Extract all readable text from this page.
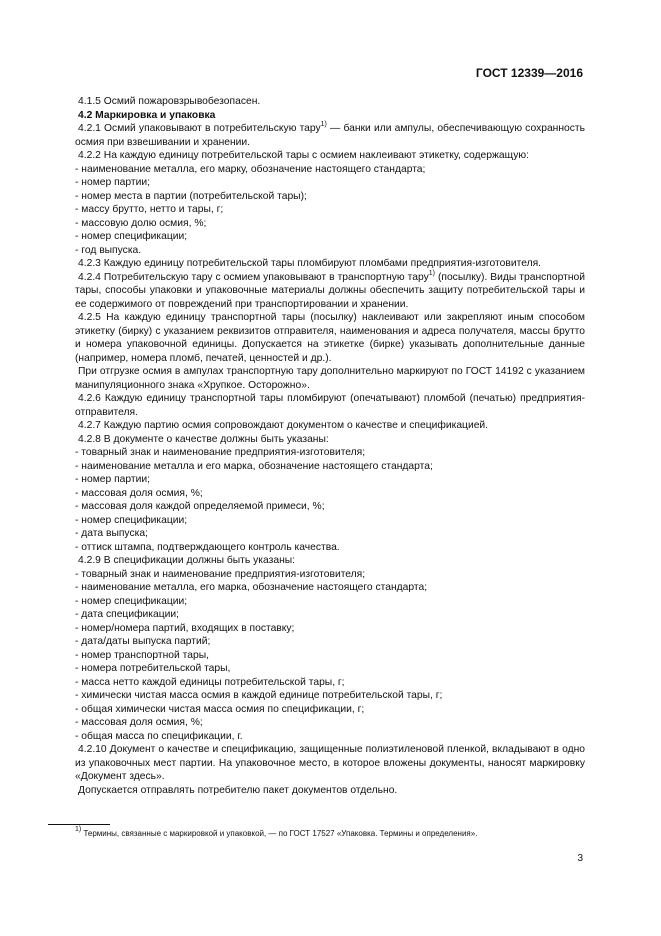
ГОСТ 12339—2016

4.1.5 Осмий пожаровзрывобезопасен.

4.2 Маркировка и упаковка

4.2.1 Осмий упаковывают в потребительскую тару$^{1)}$ — банки или ампулы, обеспечивающую сохранность осмия при взвешивании и хранении.

4.2.2 На каждую единицу потребительской тары с осмием наклеивают этикетку, содержащую:

- наименование металла, его марку, обозначение настоящего стандарта;

- номер партии;

- номер места в партии (потребительской тары);

- массу брутто, нетто и тары, г;

- массовую долю осмия, %;

- номер спецификации;

- год выпуска.

4.2.3 Каждую единицу потребительской тары пломбируют пломбами предприятия-изготовителя.

4.2.4 Потребительскую тару с осмием упаковывают в транспортную тару$^{1)}$ (посылку). Виды транспортной тары, способы упаковки и упаковочные материалы должны обеспечить защиту потребительской тары и ее содержимого от повреждений при транспортировании и хранении.

4.2.5 На каждую единицу транспортной тары (посылку) наклеивают или закрепляют иным способом этикетку (бирку) с указанием реквизитов отправителя, наименования и адреса получателя, массы брутто и номера упаковочной единицы. Допускается на этикетке (бирке) указывать дополнительные данные (например, номера пломб, печатей, ценностей и др.).

При отгрузке осмия в ампулах транспортную тару дополнительно маркируют по ГОСТ 14192 с указанием манипуляционного знака «Хрупкое. Осторожно».

4.2.6 Каждую единицу транспортной тары пломбируют (опечатывают) пломбой (печатью) предприятия-отправителя.

4.2.7 Каждую партию осмия сопровождают документом о качестве и спецификацией.

4.2.8 В документе о качестве должны быть указаны:

- товарный знак и наименование предприятия-изготовителя;

- наименование металла и его марка, обозначение настоящего стандарта;

- номер партии;

- массовая доля осмия, %;

- массовая доля каждой определяемой примеси, %;

- номер спецификации;

- дата выпуска;

- оттиск штампа, подтверждающего контроль качества.

4.2.9 В спецификации должны быть указаны:

- товарный знак и наименование предприятия-изготовителя;

- наименование металла, его марка, обозначение настоящего стандарта;

- номер спецификации;

- дата спецификации;

- номер/номера партий, входящих в поставку;

- дата/даты выпуска партий;

- номер транспортной тары,

- номера потребительской тары,

- масса нетто каждой единицы потребительской тары, г;

- химически чистая масса осмия в каждой единице потребительской тары, г;

- общая химически чистая масса осмия по спецификации, г;

- массовая доля осмия, %;

- общая масса по спецификации, г.

4.2.10 Документ о качестве и спецификацию, защищенные полиэтиленовой пленкой, вкладывают в одно из упаковочных мест партии. На упаковочное место, в которое вложены документы, наносят маркировку «Документ здесь».

Допускается отправлять потребителю пакет документов отдельно.

$^{1)}$ Термины, связанные с маркировкой и упаковкой, — по ГОСТ 17527 «Упаковка. Термины и определения».
3
